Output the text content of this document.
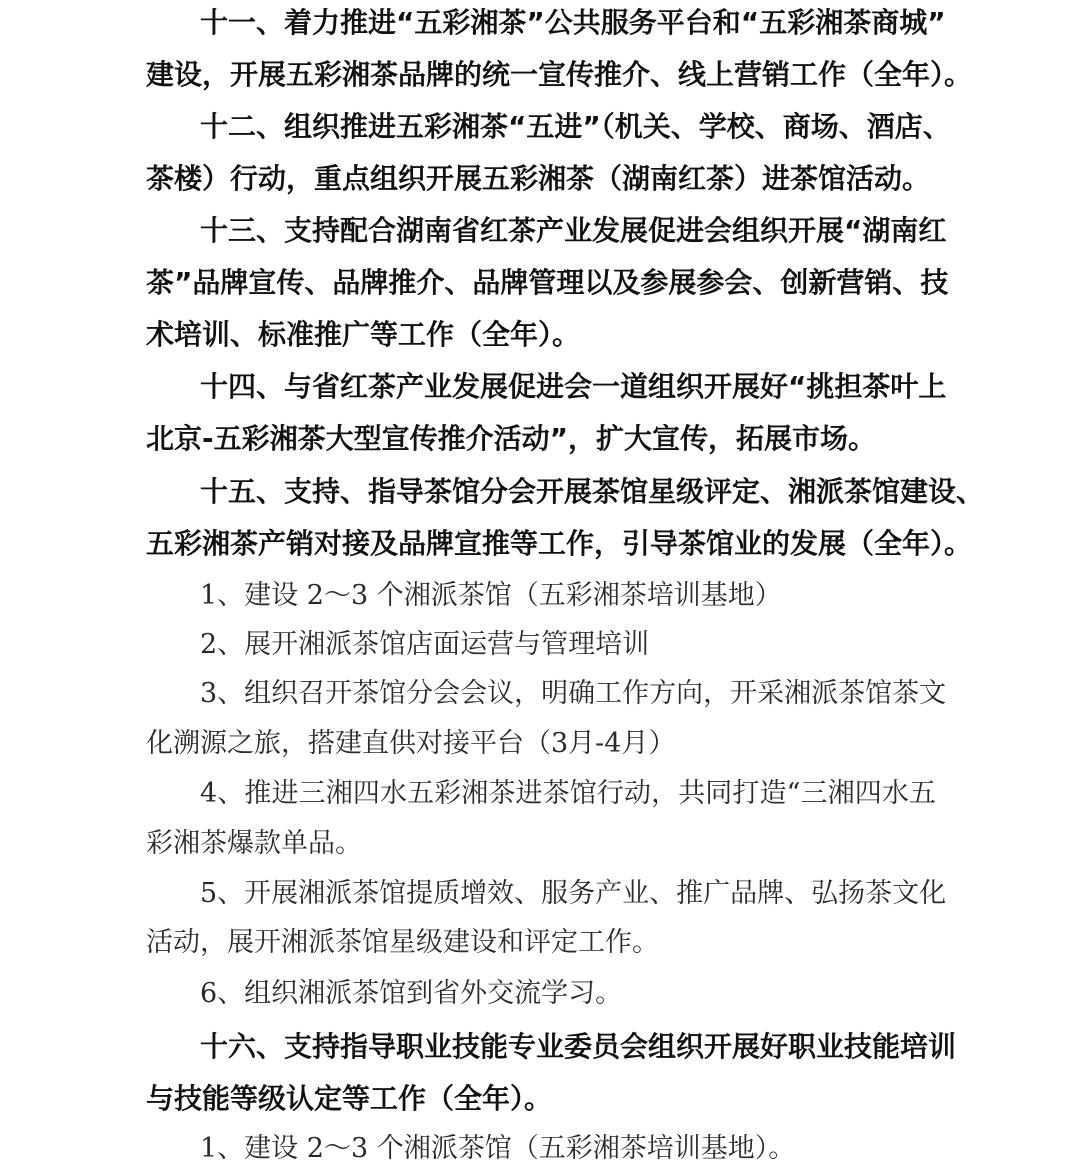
十一、着力推进“五彩湘茶”公共服务平台和“五彩湘茶商城”
建设，开展五彩湘茶品牌的统一宣传推介、线上营销工作（全年）。
十二、组织推进五彩湘茶“五进”（机关、学校、商场、酒店、
茶楼）行动，重点组织开展五彩湘茶（湖南红茶）进茶馆活动。
十三、支持配合湖南省红茶产业发展促进会组织开展“湖南红
茶”品牌宣传、品牌推介、品牌管理以及参展参会、创新营销、技
术培训、标准推广等工作（全年）。
十四、与省红茶产业发展促进会一道组织开展好“挑担茶叶上
北京-五彩湘茶大型宣传推介活动”，扩大宣传，拓展市场。
十五、支持、指导茶馆分会开展茶馆星级评定、湘派茶馆建设、
五彩湘茶产销对接及品牌宣推等工作，引导茶馆业的发展（全年）。
1、建设 2～3 个湘派茶馆（五彩湘茶培训基地）
2、展开湘派茶馆店面运营与管理培训
3、组织召开茶馆分会会议，明确工作方向，开采湘派茶馆茶文
化溯源之旅，搭建直供对接平台（3月-4月）
4、推进三湘四水五彩湘茶进茶馆行动，共同打造“三湘四水五
彩湘茶爆款单品。
5、开展湘派茶馆提质增效、服务产业、推广品牌、弘扬茶文化
活动，展开湘派茶馆星级建设和评定工作。
6、组织湘派茶馆到省外交流学习。
十六、支持指导职业技能专业委员会组织开展好职业技能培训
与技能等级认定等工作（全年）。
1、建设 2～3 个湘派茶馆（五彩湘茶培训基地）。
